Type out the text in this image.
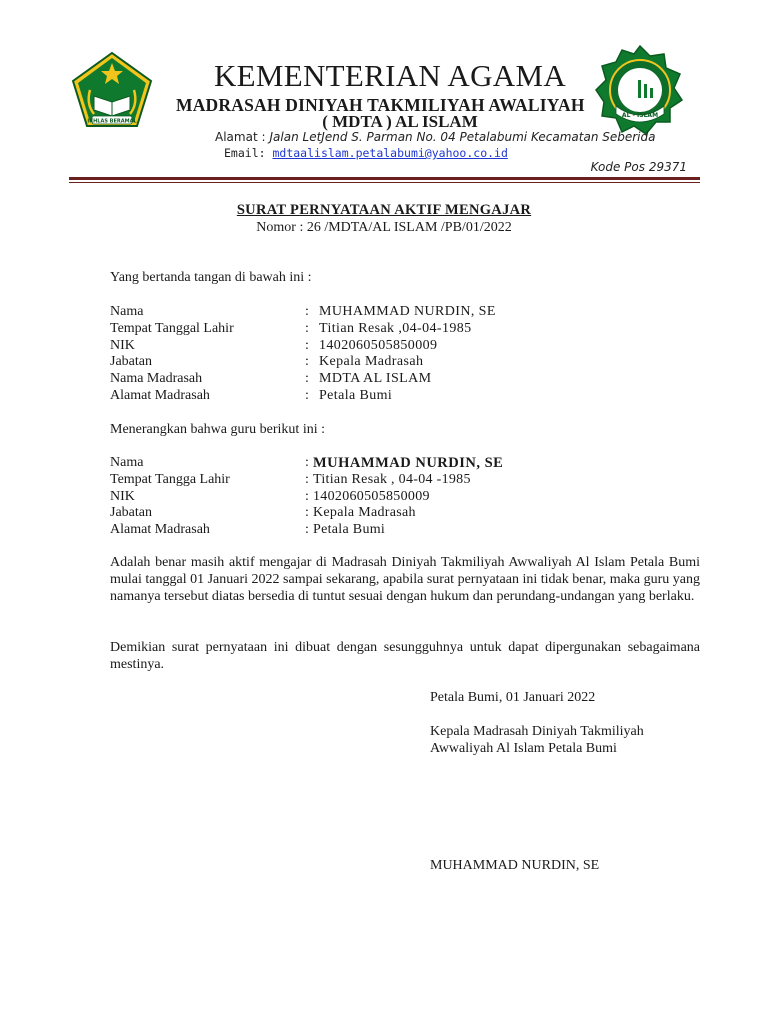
IKHLAS BERAMAL
KEMENTERIAN AGAMA
MADRASAH DINIYAH TAKMILIYAH AWALIYAH
( MDTA ) AL ISLAM	AL - ISLAM
Alamat : Jalan LetJend S. Parman No. 04 Petalabumi Kecamatan Seberida
Email: mdtaalislam.petalabumi@yahoo.co.id
Kode Pos 29371
SURAT PERNYATAAN AKTIF MENGAJAR
Nomor : 26 /MDTA/AL ISLAM /PB/01/2022
Yang bertanda tangan di bawah ini :
Nama	:	MUHAMMAD NURDIN, SE
Tempat Tanggal Lahir	:	Titian Resak ,04-04-1985
NIK	:	1402060505850009
Jabatan	:	Kepala Madrasah
Nama Madrasah	:	MDTA AL ISLAM
Alamat Madrasah	:	Petala Bumi
Menerangkan bahwa guru berikut ini :
Nama	:	MUHAMMAD NURDIN, SE
Tempat Tangga Lahir	:	Titian Resak , 04-04 -1985
NIK	:	1402060505850009
Jabatan	:	Kepala Madrasah
Alamat Madrasah	:	Petala Bumi
Adalah benar masih aktif mengajar di Madrasah Diniyah Takmiliyah Awwaliyah Al Islam Petala Bumi mulai tanggal 01 Januari 2022 sampai sekarang, apabila surat pernyataan ini tidak benar, maka guru yang namanya tersebut diatas bersedia di tuntut sesuai dengan hukum dan perundang-undangan yang berlaku.
Demikian surat pernyataan ini dibuat dengan sesungguhnya untuk dapat dipergunakan sebagaimana mestinya.
Petala Bumi, 01 Januari 2022
Kepala Madrasah Diniyah Takmiliyah
Awwaliyah Al Islam Petala Bumi
MUHAMMAD NURDIN, SE
